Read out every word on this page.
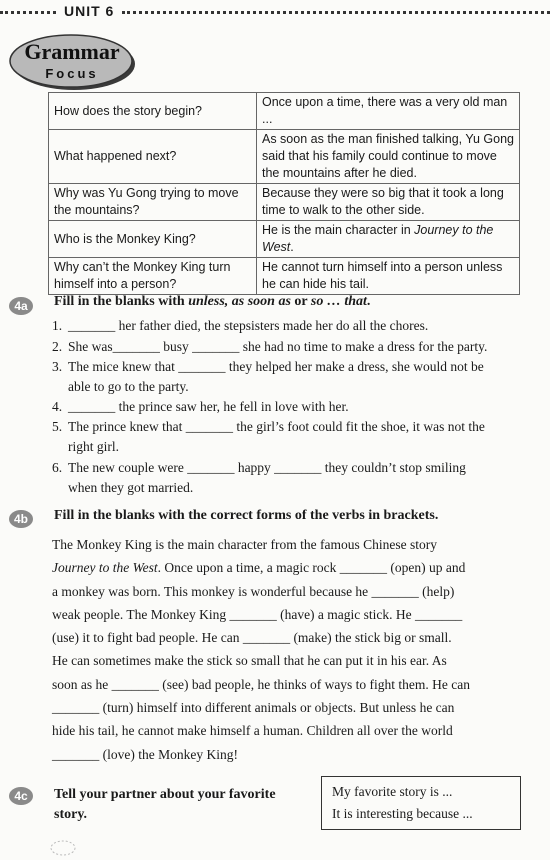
UNIT 6
Grammar
Focus
How does the story begin?	Once upon a time, there was a very old man ...
What happened next?	As soon as the man finished talking, Yu Gong said that his family could continue to move the mountains after he died.
Why was Yu Gong trying to move the mountains?	Because they were so big that it took a long time to walk to the other side.
Who is the Monkey King?	He is the main character in Journey to the West.
Why can’t the Monkey King turn himself into a person?	He cannot turn himself into a person unless he can hide his tail.
4a	Fill in the blanks with unless, as soon as or so … that.
1. _______ her father died, the stepsisters made her do all the chores.
2. She was_______ busy _______ she had no time to make a dress for the party.
3. The mice knew that _______ they helped her make a dress, she would not be
able to go to the party.
4. _______ the prince saw her, he fell in love with her.
5. The prince knew that _______ the girl’s foot could fit the shoe, it was not the
right girl.
6. The new couple were _______ happy _______ they couldn’t stop smiling
when they got married.
4b	Fill in the blanks with the correct forms of the verbs in brackets.
The Monkey King is the main character from the famous Chinese story
Journey to the West. Once upon a time, a magic rock _______ (open) up and
a monkey was born. This monkey is wonderful because he _______ (help)
weak people. The Monkey King _______ (have) a magic stick. He _______
(use) it to fight bad people. He can _______ (make) the stick big or small.
He can sometimes make the stick so small that he can put it in his ear. As
soon as he _______ (see) bad people, he thinks of ways to fight them. He can
_______ (turn) himself into different animals or objects. But unless he can
hide his tail, he cannot make himself a human. Children all over the world
_______ (love) the Monkey King!
4c	Tell your partner about your favorite story.
My favorite story is ...
It is interesting because ...
